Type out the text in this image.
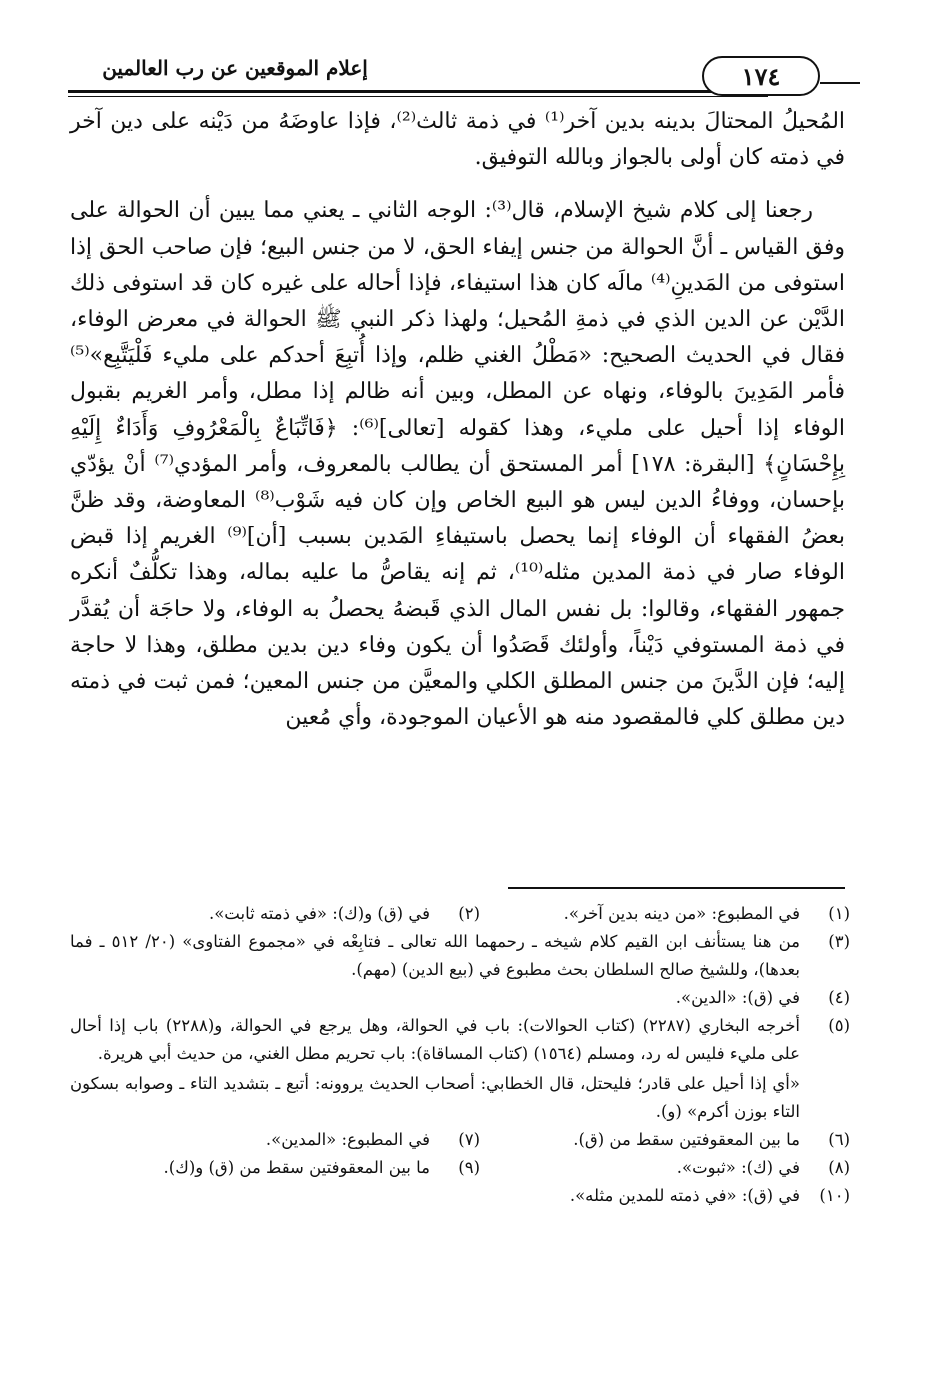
إعلام الموقعين عن رب العالمين	١٧٤

المُحيلُ المحتالَ بدينه بدين آخر⁽¹⁾ في ذمة ثالث⁽²⁾، فإذا عاوضَهُ من دَيْنه على دين آخر في ذمته كان أولى بالجواز وبالله التوفيق.

رجعنا إلى كلام شيخ الإسلام، قال⁽³⁾: الوجه الثاني ـ يعني مما يبين أن الحوالة على وفق القياس ـ أنَّ الحوالة من جنس إيفاء الحق، لا من جنس البيع؛ فإن صاحب الحق إذا استوفى من المَدينِ⁽⁴⁾ مالَه كان هذا استيفاء، فإذا أحاله على غيره كان قد استوفى ذلك الدَّيْن عن الدين الذي في ذمةِ المُحيل؛ ولهذا ذكر النبي ﷺ الحوالة في معرض الوفاء، فقال في الحديث الصحيح: «مَطْلُ الغني ظلم، وإذا أُتبِعَ أحدكم على مليء فَلْيَتَّبِع»⁽⁵⁾ فأمر المَدِينَ بالوفاء، ونهاه عن المطل، وبين أنه ظالم إذا مطل، وأمر الغريم بقبول الوفاء إذا أحيل على مليء، وهذا كقوله [تعالى]⁽⁶⁾: ﴿فَاتِّبَاعٌ بِالْمَعْرُوفِ وَأَدَاءٌ إِلَيْهِ بِإِحْسَانٍ﴾ [البقرة: ١٧٨] أمر المستحق أن يطالب بالمعروف، وأمر المؤدي⁽⁷⁾ أنْ يؤدّي بإحسان، ووفاءُ الدين ليس هو البيع الخاص وإن كان فيه شَوْب⁽⁸⁾ المعاوضة، وقد ظنَّ بعضُ الفقهاء أن الوفاء إنما يحصل باستيفاءِ المَدين بسبب [أن]⁽⁹⁾ الغريم إذا قبض الوفاء صار في ذمة المدين مثله⁽¹⁰⁾، ثم إنه يقاصُّ ما عليه بماله، وهذا تكلُّفٌ أنكره جمهور الفقهاء، وقالوا: بل نفس المال الذي قَبضهُ يحصلُ به الوفاء، ولا حاجَة أن يُقدَّر في ذمة المستوفي دَيْناً، وأولئك قَصَدُوا أن يكون وفاء دين بدين مطلق، وهذا لا حاجة إليه؛ فإن الدَّينَ من جنس المطلق الكلي والمعيَّن من جنس المعين؛ فمن ثبت في ذمته دين مطلق كلي فالمقصود منه هو الأعيان الموجودة، وأي مُعين

(١)
في المطبوع: «من دينه بدين آخر».
(٢)
في (ق) و(ك): «في ذمته ثابت».
(٣)
من هنا يستأنف ابن القيم كلام شيخه ـ رحمهما الله تعالى ـ فتابِعْه في «مجموع الفتاوى» (٢٠/ ٥١٢ ـ فما بعدها)، وللشيخ صالح السلطان بحث مطبوع في (بيع الدين) (مهم).
(٤)
في (ق): «الدين».
(٥)
أخرجه البخاري (٢٢٨٧) (كتاب الحوالات): باب في الحوالة، وهل يرجع في الحوالة، و(٢٢٨٨) باب إذا أحال على مليء فليس له رد، ومسلم (١٥٦٤) (كتاب المساقاة): باب تحريم مطل الغني، من حديث أبي هريرة.

«أي إذا أحيل على قادر؛ فليحتل، قال الخطابي: أصحاب الحديث يروونه: أتبع ـ بتشديد التاء ـ وصوابه بسكون التاء بوزن أكرم» (و).

(٦)
ما بين المعقوفتين سقط من (ق).
(٧)
في المطبوع: «المدين».
(٨)
في (ك): «ثبوت».
(٩)
ما بين المعقوفتين سقط من (ق) و(ك).
(١٠)
في (ق): «في ذمته للمدين مثله».
